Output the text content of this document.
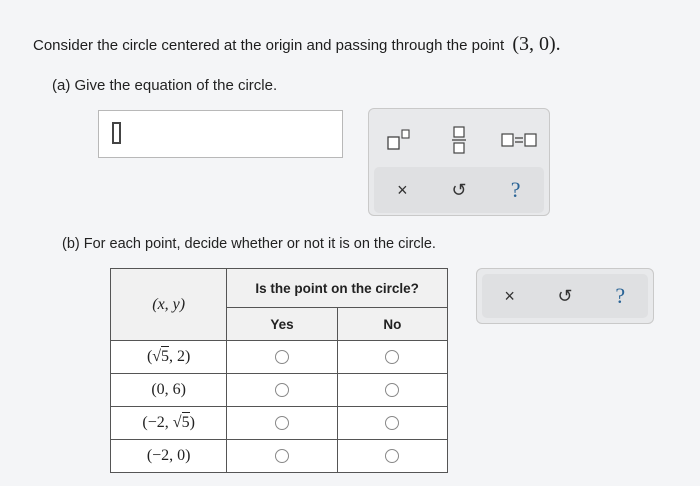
Consider the circle centered at the origin and passing through the point (3, 0).
(a) Give the equation of the circle.
× ↺ ?
(b) For each point, decide whether or not it is on the circle.
(x, y)	Is the point on the circle?	
	Yes	No
(√5, 2)		
(0, 6)		
(−2, √5)		
(−2, 0)		
× ↺ ?
